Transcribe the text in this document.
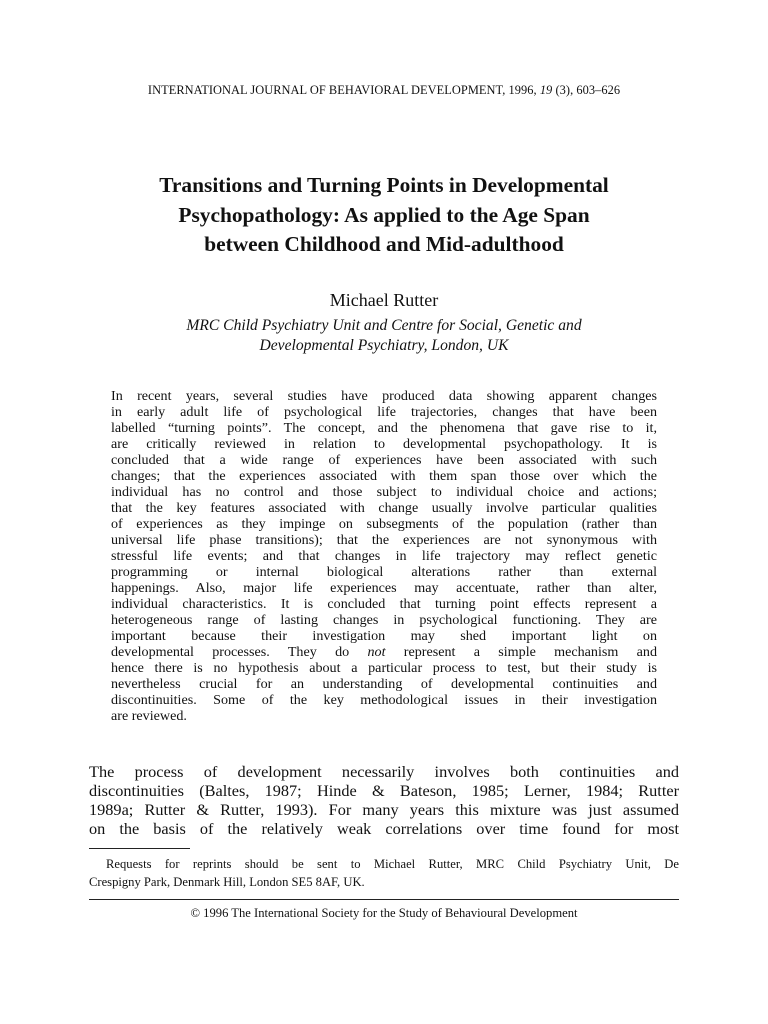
INTERNATIONAL JOURNAL OF BEHAVIORAL DEVELOPMENT, 1996, 19 (3), 603–626
Transitions and Turning Points in Developmental
Psychopathology: As applied to the Age Span
between Childhood and Mid-adulthood
Michael Rutter
MRC Child Psychiatry Unit and Centre for Social, Genetic and
Developmental Psychiatry, London, UK
In recent years, several studies have produced data showing apparent changes
in early adult life of psychological life trajectories, changes that have been
labelled “turning points”. The concept, and the phenomena that gave rise to it,
are critically reviewed in relation to developmental psychopathology. It is
concluded that a wide range of experiences have been associated with such
changes; that the experiences associated with them span those over which the
individual has no control and those subject to individual choice and actions;
that the key features associated with change usually involve particular qualities
of experiences as they impinge on subsegments of the population (rather than
universal life phase transitions); that the experiences are not synonymous with
stressful life events; and that changes in life trajectory may reflect genetic
programming or internal biological alterations rather than external
happenings. Also, major life experiences may accentuate, rather than alter,
individual characteristics. It is concluded that turning point effects represent a
heterogeneous range of lasting changes in psychological functioning. They are
important because their investigation may shed important light on
developmental processes. They do not represent a simple mechanism and
hence there is no hypothesis about a particular process to test, but their study is
nevertheless crucial for an understanding of developmental continuities and
discontinuities. Some of the key methodological issues in their investigation
are reviewed.
The process of development necessarily involves both continuities and
discontinuities (Baltes, 1987; Hinde & Bateson, 1985; Lerner, 1984; Rutter
1989a; Rutter & Rutter, 1993). For many years this mixture was just assumed
on the basis of the relatively weak correlations over time found for most
Requests for reprints should be sent to Michael Rutter, MRC Child Psychiatry Unit, De
Crespigny Park, Denmark Hill, London SE5 8AF, UK.
© 1996 The International Society for the Study of Behavioural Development
